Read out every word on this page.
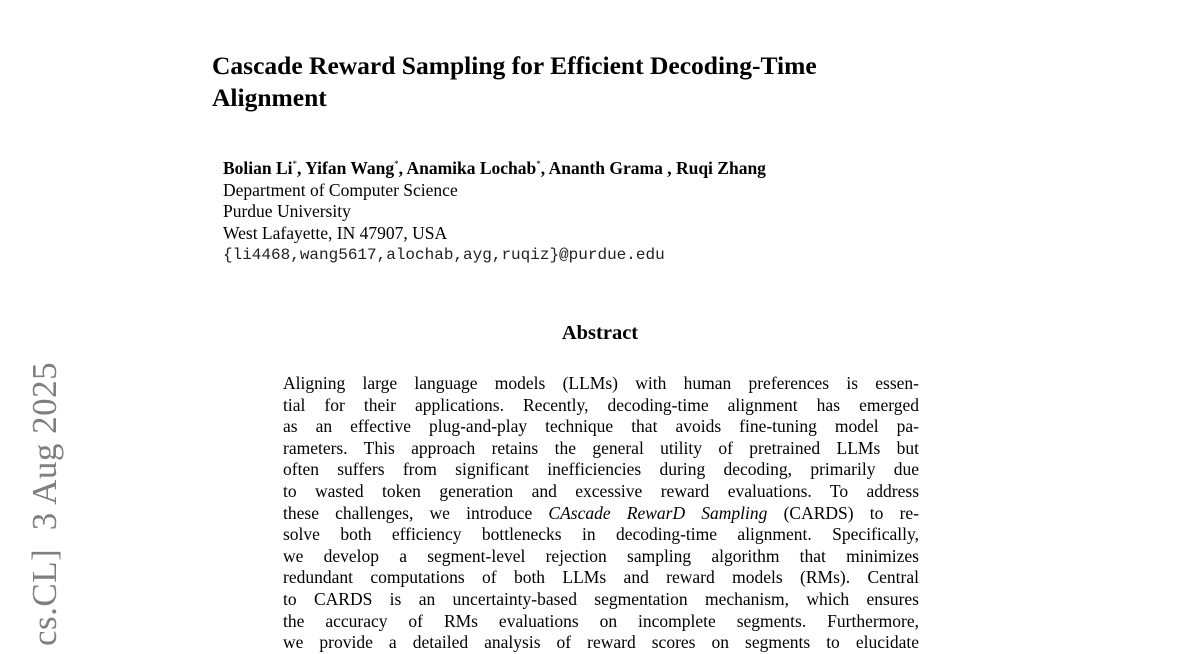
cs.CL]  3 Aug 2025
Cascade Reward Sampling for Efficient Decoding-Time
Alignment
Bolian Li*, Yifan Wang*, Anamika Lochab*, Ananth Grama , Ruqi Zhang
Department of Computer Science
Purdue University
West Lafayette, IN 47907, USA
{li4468,wang5617,alochab,ayg,ruqiz}@purdue.edu
Abstract
Aligning large language models (LLMs) with human preferences is essen-
tial for their applications. Recently, decoding-time alignment has emerged
as an effective plug-and-play technique that avoids fine-tuning model pa-
rameters. This approach retains the general utility of pretrained LLMs but
often suffers from significant inefficiencies during decoding, primarily due
to wasted token generation and excessive reward evaluations. To address
these challenges, we introduce CAscade RewarD Sampling (CARDS) to re-
solve both efficiency bottlenecks in decoding-time alignment. Specifically,
we develop a segment-level rejection sampling algorithm that minimizes
redundant computations of both LLMs and reward models (RMs). Central
to CARDS is an uncertainty-based segmentation mechanism, which ensures
the accuracy of RMs evaluations on incomplete segments. Furthermore,
we provide a detailed analysis of reward scores on segments to elucidate
